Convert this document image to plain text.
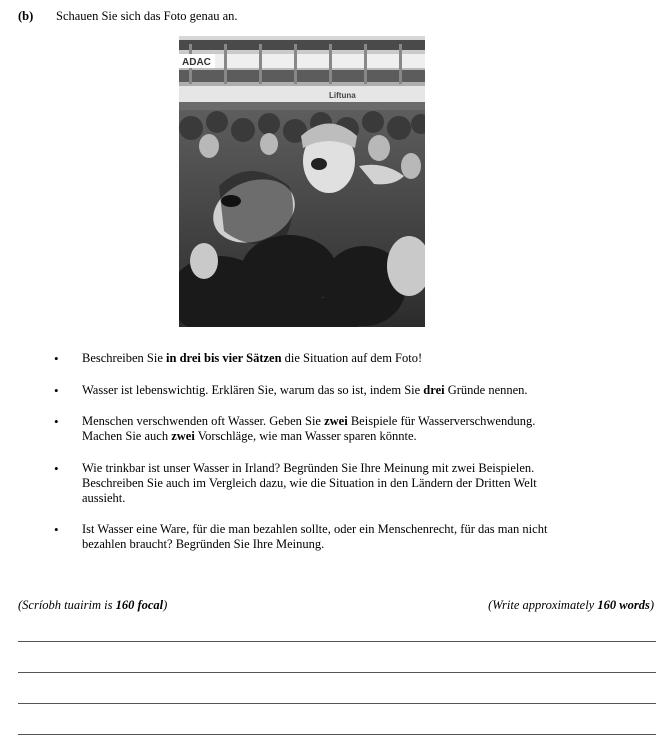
(b) Schauen Sie sich das Foto genau an.
ADAC
Liftuna
• Beschreiben Sie in drei bis vier Sätzen die Situation auf dem Foto!
• Wasser ist lebenswichtig. Erklären Sie, warum das so ist, indem Sie drei Gründe nennen.
• Menschen verschwenden oft Wasser. Geben Sie zwei Beispiele für Wasserverschwendung.
Machen Sie auch zwei Vorschläge, wie man Wasser sparen könnte.
• Wie trinkbar ist unser Wasser in Irland? Begründen Sie Ihre Meinung mit zwei Beispielen.
Beschreiben Sie auch im Vergleich dazu, wie die Situation in den Ländern der Dritten Welt
aussieht.
• Ist Wasser eine Ware, für die man bezahlen sollte, oder ein Menschenrecht, für das man nicht
bezahlen braucht? Begründen Sie Ihre Meinung.
(Scríobh tuairim is 160 focal)	(Write approximately 160 words)
